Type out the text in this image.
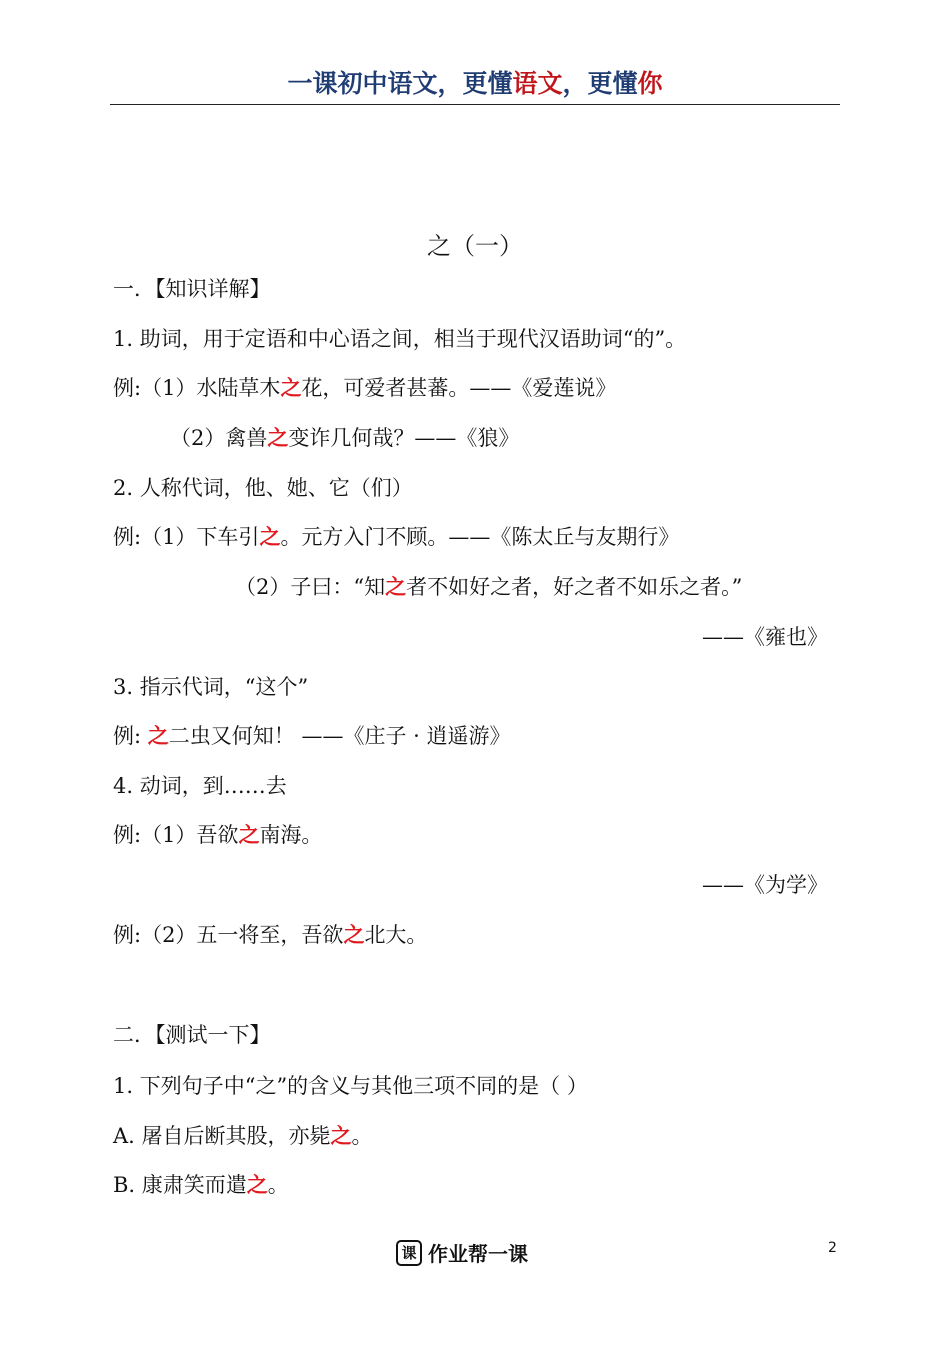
一课初中语文，更懂语文，更懂你
之（一）
一．【知识详解】
1. 助词，用于定语和中心语之间，相当于现代汉语助词“的”。
例:（1）水陆草木之花，可爱者甚蕃。——《爱莲说》
（2）禽兽之变诈几何哉？——《狼》
2. 人称代词，他、她、它（们）
例:（1）下车引之。元方入门不顾。——《陈太丘与友期行》
（2）子曰：“知之者不如好之者，好之者不如乐之者。”
——《雍也》
3. 指示代词，“这个”
例: 之二虫又何知！ ——《庄子 · 逍遥游》
4. 动词，到……去
例:（1）吾欲之南海。
——《为学》
例:（2）五一将至，吾欲之北大。
二．【测试一下】
1. 下列句子中“之”的含义与其他三项不同的是（ ）
A. 屠自后断其股，亦毙之。
B. 康肃笑而遣之。
课 作业帮一课	2
